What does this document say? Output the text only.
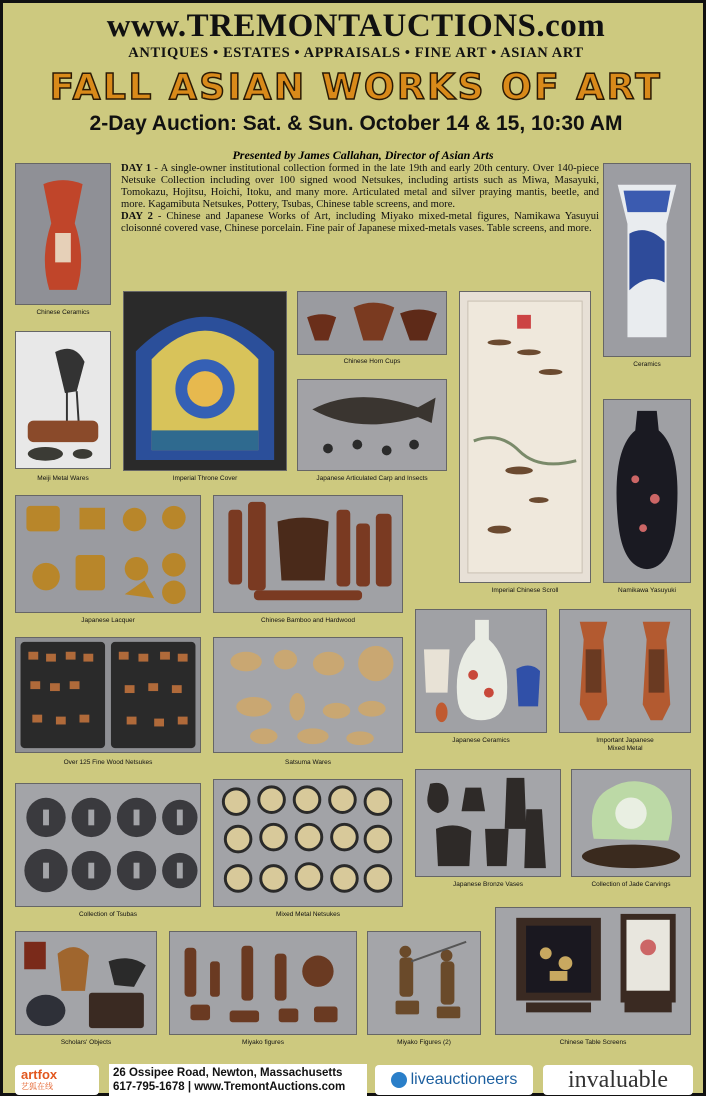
www.TREMONTAUCTIONS.com
ANTIQUES • ESTATES • APPRAISALS • FINE ART • ASIAN ART
FALL ASIAN WORKS OF ART
2-Day Auction: Sat. & Sun. October 14 & 15, 10:30 AM
Presented by James Callahan, Director of Asian Arts

DAY 1 - A single-owner institutional collection formed in the late 19th and early 20th century. Over 140-piece Netsuke Collection including over 100 signed wood Netsukes, including artists such as Miwa, Masayuki, Tomokazu, Hojitsu, Hoichi, Itoku, and many more. Articulated metal and silver praying mantis, beetle, and more. Kagamibuta Netsukes, Pottery, Tsubas, Chinese table screens, and more.

DAY 2 - Chinese and Japanese Works of Art, including Miyako mixed-metal figures, Namikawa Yasuyui cloisonné covered vase, Chinese porcelain. Fine pair of Japanese mixed-metals vases. Table screens, and more.

Chinese Ceramics
Ceramics
Meiji Metal Wares	Imperial Throne Cover
Chinese Horn Cups
Japanese Articulated Carp and Insects
Imperial Chinese Scroll	Namikawa Yasuyuki
Japanese Lacquer	Chinese Bamboo and Hardwood
Over 125 Fine Wood Netsukes	Satsuma Wares
Japanese Ceramics	Important Japanese
Mixed Metal
Collection of Tsubas	Mixed Metal Netsukes
Japanese Bronze Vases	Collection of Jade Carvings
Scholars' Objects	Miyako figures	Miyako Figures (2)	Chinese Table Screens
artfox
艺狐在线
26 Ossipee Road, Newton, Massachusetts
617-795-1678 | www.TremontAuctions.com	liveauctioneers invaluable
